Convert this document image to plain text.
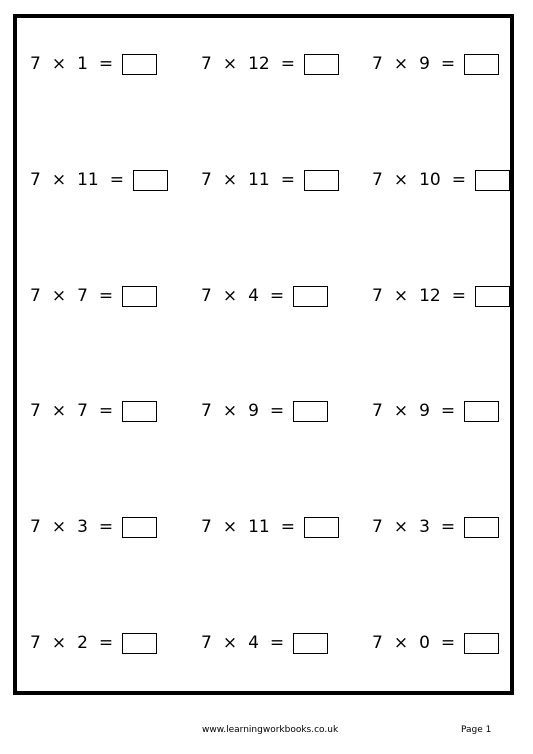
7 × 1 =	7 × 12 =	7 × 9 =
7 × 11 =	7 × 11 =	7 × 10 =
7 × 7 =	7 × 4 =	7 × 12 =
7 × 7 =	7 × 9 =	7 × 9 =
7 × 3 =	7 × 11 =	7 × 3 =
7 × 2 =	7 × 4 =	7 × 0 =
www.learningworkbooks.co.uk	Page 1
